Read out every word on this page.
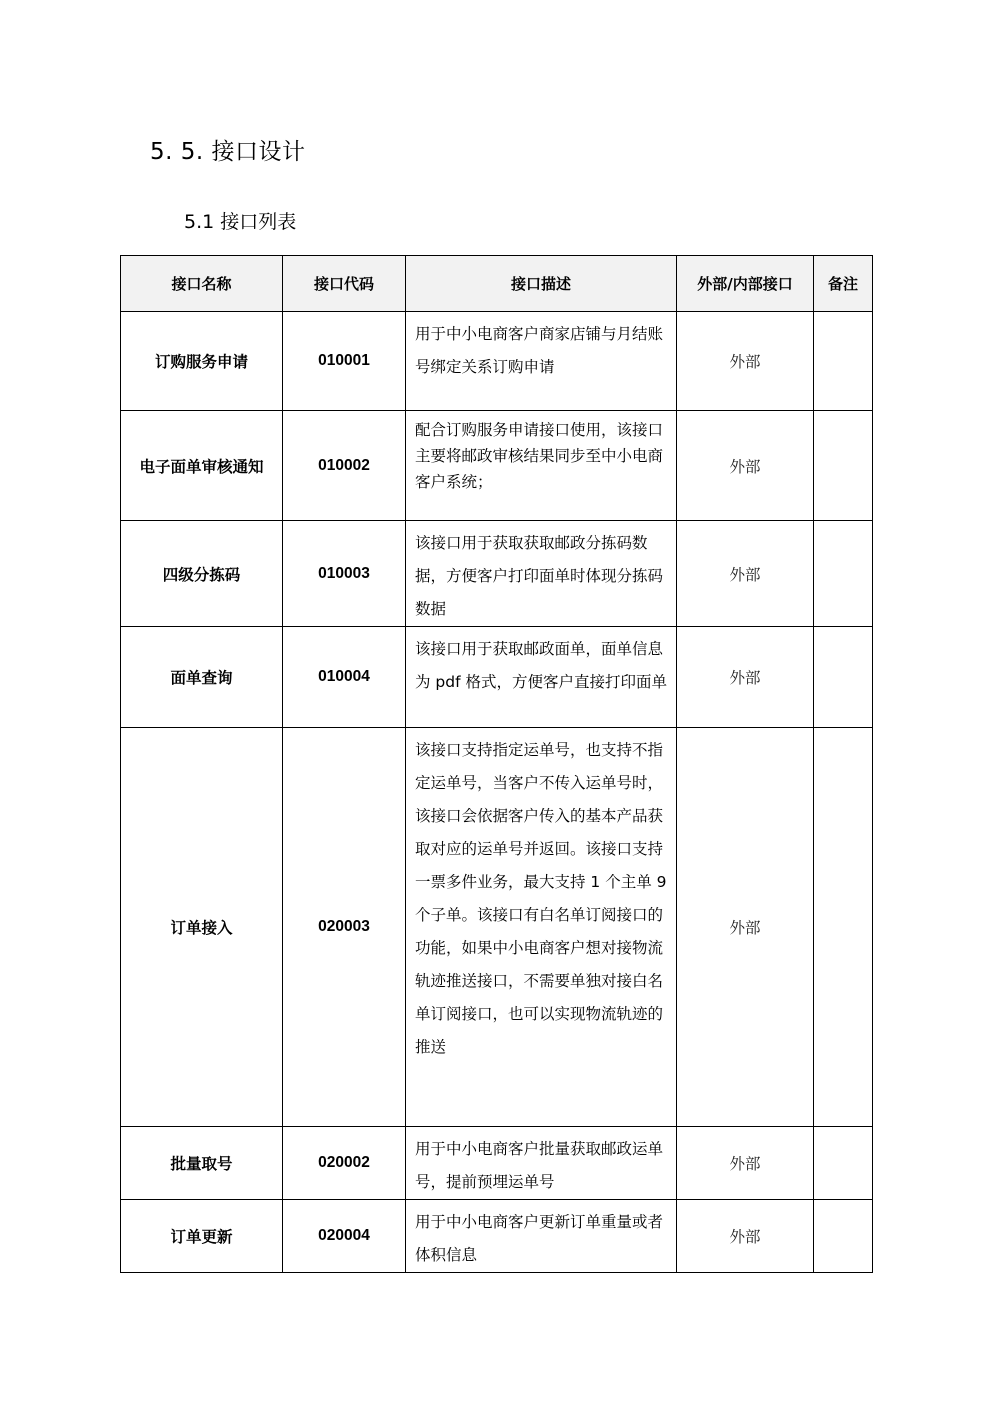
5. 5. 接口设计
5.1 接口列表
接口名称	接口代码	接口描述	外部/内部接口	备注
订购服务申请	010001	用于中小电商客户商家店铺与月结账号绑定关系订购申请	外部	
电子面单审核通知	010002	配合订购服务申请接口使用，该接口主要将邮政审核结果同步至中小电商客户系统；	外部	
四级分拣码	010003	该接口用于获取获取邮政分拣码数据，方便客户打印面单时体现分拣码数据	外部	
面单查询	010004	该接口用于获取邮政面单，面单信息为 pdf 格式，方便客户直接打印面单	外部	
订单接入	020003	该接口支持指定运单号，也支持不指定运单号，当客户不传入运单号时，该接口会依据客户传入的基本产品获取对应的运单号并返回。该接口支持一票多件业务，最大支持 1 个主单 9 个子单。该接口有白名单订阅接口的功能，如果中小电商客户想对接物流轨迹推送接口，不需要单独对接白名单订阅接口，也可以实现物流轨迹的推送	外部	
批量取号	020002	用于中小电商客户批量获取邮政运单号，提前预埋运单号	外部	
订单更新	020004	用于中小电商客户更新订单重量或者体积信息	外部	
